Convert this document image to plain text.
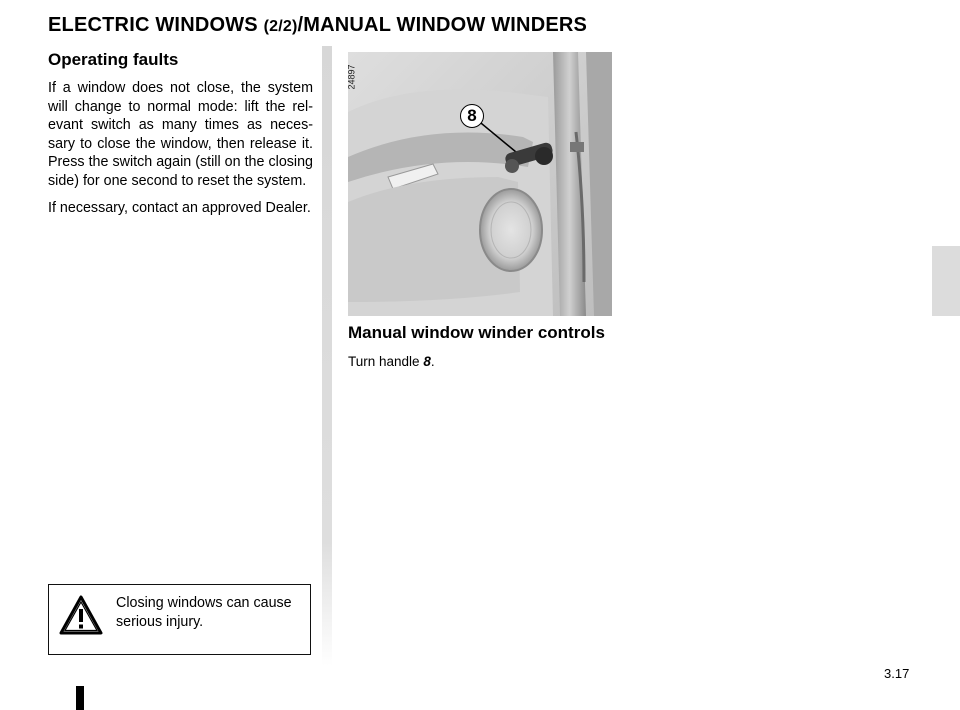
ELECTRIC WINDOWS (2/2)/MANUAL WINDOW WINDERS
Operating faults

If a window does not close, the system will change to normal mode: lift the rel-evant switch as many times as neces-sary to close the window, then release it. Press the switch again (still on the closing side) for one second to reset the system.

If necessary, contact an approved Dealer.

24897
8
Manual window winder controls

Turn handle 8.

Closing windows can cause serious injury.
3.17
